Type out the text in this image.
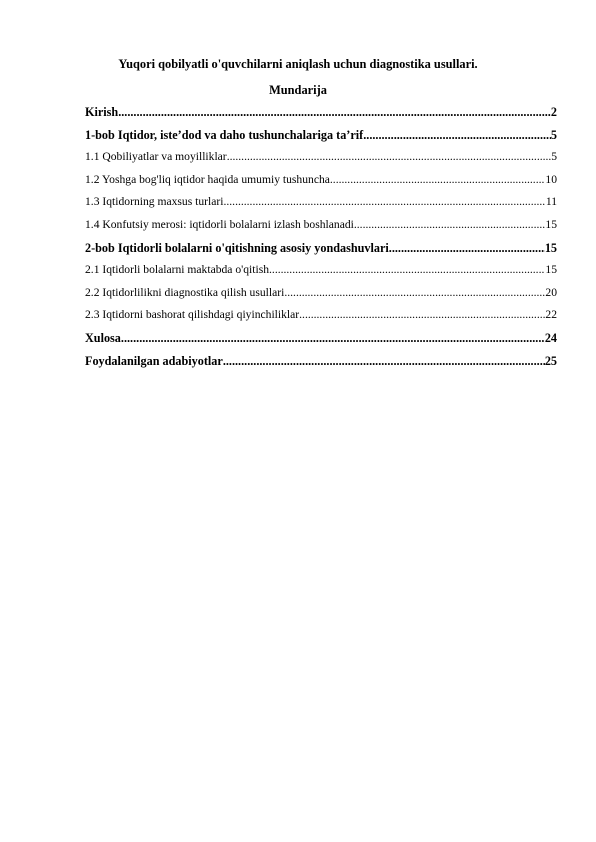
Yuqori qobilyatli o'quvchilarni aniqlash uchun diagnostika usullari.
Mundarija
Kirish .....	2
1-bob Iqtidor, iste’dod va daho tushunchalariga ta’rif .....	5
1.1 Qobiliyatlar va moyilliklar .....	5
1.2 Yoshga bog'liq iqtidor haqida umumiy tushuncha .....	10
1.3 Iqtidorning maxsus turlari .....	11
1.4 Konfutsiy merosi: iqtidorli bolalarni izlash boshlanadi .....	15
2-bob Iqtidorli bolalarni o'qitishning asosiy yondashuvlari .....	15
2.1 Iqtidorli bolalarni maktabda o'qitish .....	15
2.2 Iqtidorlilikni diagnostika qilish usullari .....	20
2.3 Iqtidorni bashorat qilishdagi qiyinchiliklar .....	22
Xulosa .....	24
Foydalanilgan adabiyotlar .....	25
